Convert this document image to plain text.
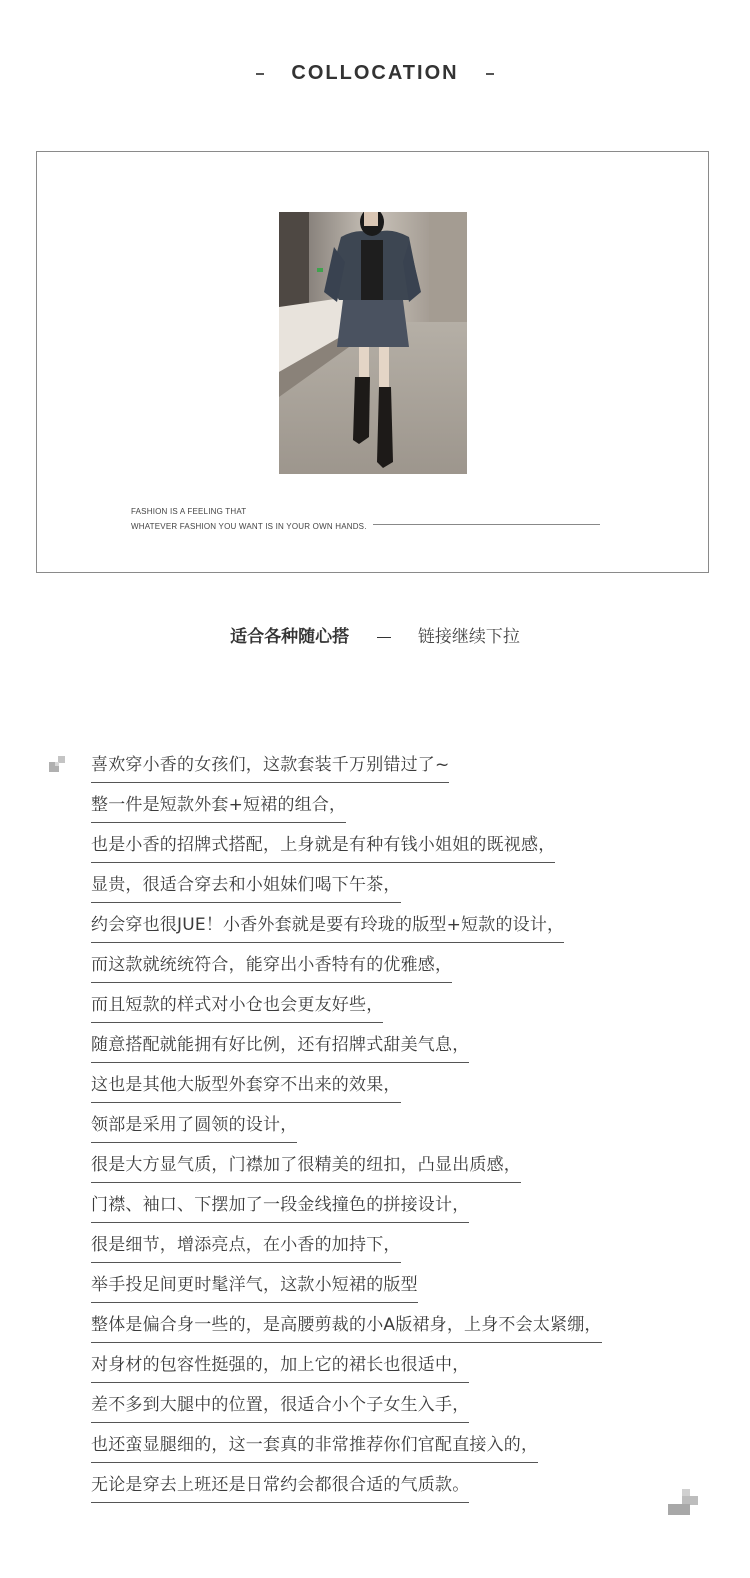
COLLOCATION
FASHION IS A FEELING THAT
WHATEVER FASHION YOU WANT IS IN YOUR OWN HANDS.
适合各种随心搭	链接继续下拉
喜欢穿小香的女孩们，这款套装千万别错过了~
整一件是短款外套+短裙的组合，
也是小香的招牌式搭配，上身就是有种有钱小姐姐的既视感，
显贵，很适合穿去和小姐妹们喝下午茶，
约会穿也很JUE！小香外套就是要有玲珑的版型+短款的设计，
而这款就统统符合，能穿出小香特有的优雅感，
而且短款的样式对小仓也会更友好些，
随意搭配就能拥有好比例，还有招牌式甜美气息，
这也是其他大版型外套穿不出来的效果，
领部是采用了圆领的设计，
很是大方显气质，门襟加了很精美的纽扣，凸显出质感，
门襟、袖口、下摆加了一段金线撞色的拼接设计，
很是细节，增添亮点，在小香的加持下，
举手投足间更时髦洋气，这款小短裙的版型
整体是偏合身一些的，是高腰剪裁的小A版裙身，上身不会太紧绷，
对身材的包容性挺强的，加上它的裙长也很适中，
差不多到大腿中的位置，很适合小个子女生入手，
也还蛮显腿细的，这一套真的非常推荐你们官配直接入的，
无论是穿去上班还是日常约会都很合适的气质款。
